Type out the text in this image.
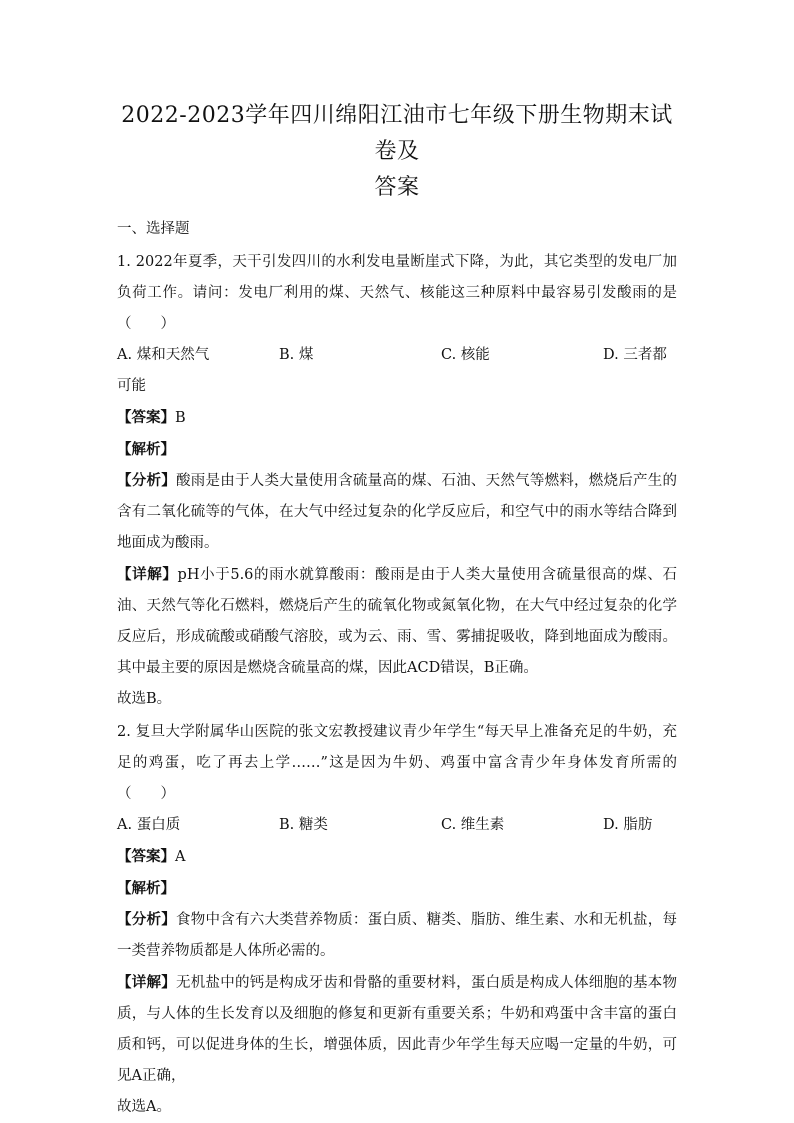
2022-2023学年四川绵阳江油市七年级下册生物期末试卷及
答案

一、选择题

1. 2022年夏季，天干引发四川的水利发电量断崖式下降，为此，其它类型的发电厂加负荷工作。请问：发电厂利用的煤、天然气、核能这三种原料中最容易引发酸雨的是（　　）

A. 煤和天然气	B. 煤	C. 核能	D. 三者都

可能

【答案】B

【解析】

【分析】酸雨是由于人类大量使用含硫量高的煤、石油、天然气等燃料，燃烧后产生的含有二氧化硫等的气体，在大气中经过复杂的化学反应后，和空气中的雨水等结合降到地面成为酸雨。

【详解】pH小于5.6的雨水就算酸雨：酸雨是由于人类大量使用含硫量很高的煤、石油、天然气等化石燃料，燃烧后产生的硫氧化物或氮氧化物，在大气中经过复杂的化学反应后，形成硫酸或硝酸气溶胶，或为云、雨、雪、雾捕捉吸收，降到地面成为酸雨。其中最主要的原因是燃烧含硫量高的煤，因此ACD错误，B正确。

故选B。

2. 复旦大学附属华山医院的张文宏教授建议青少年学生“每天早上准备充足的牛奶，充足的鸡蛋，吃了再去上学……”这是因为牛奶、鸡蛋中富含青少年身体发育所需的（　　）

A. 蛋白质	B. 糖类	C. 维生素	D. 脂肪

【答案】A

【解析】

【分析】食物中含有六大类营养物质：蛋白质、糖类、脂肪、维生素、水和无机盐，每一类营养物质都是人体所必需的。

【详解】无机盐中的钙是构成牙齿和骨骼的重要材料，蛋白质是构成人体细胞的基本物质，与人体的生长发育以及细胞的修复和更新有重要关系；牛奶和鸡蛋中含丰富的蛋白质和钙，可以促进身体的生长，增强体质，因此青少年学生每天应喝一定量的牛奶，可见A正确，

故选A。
